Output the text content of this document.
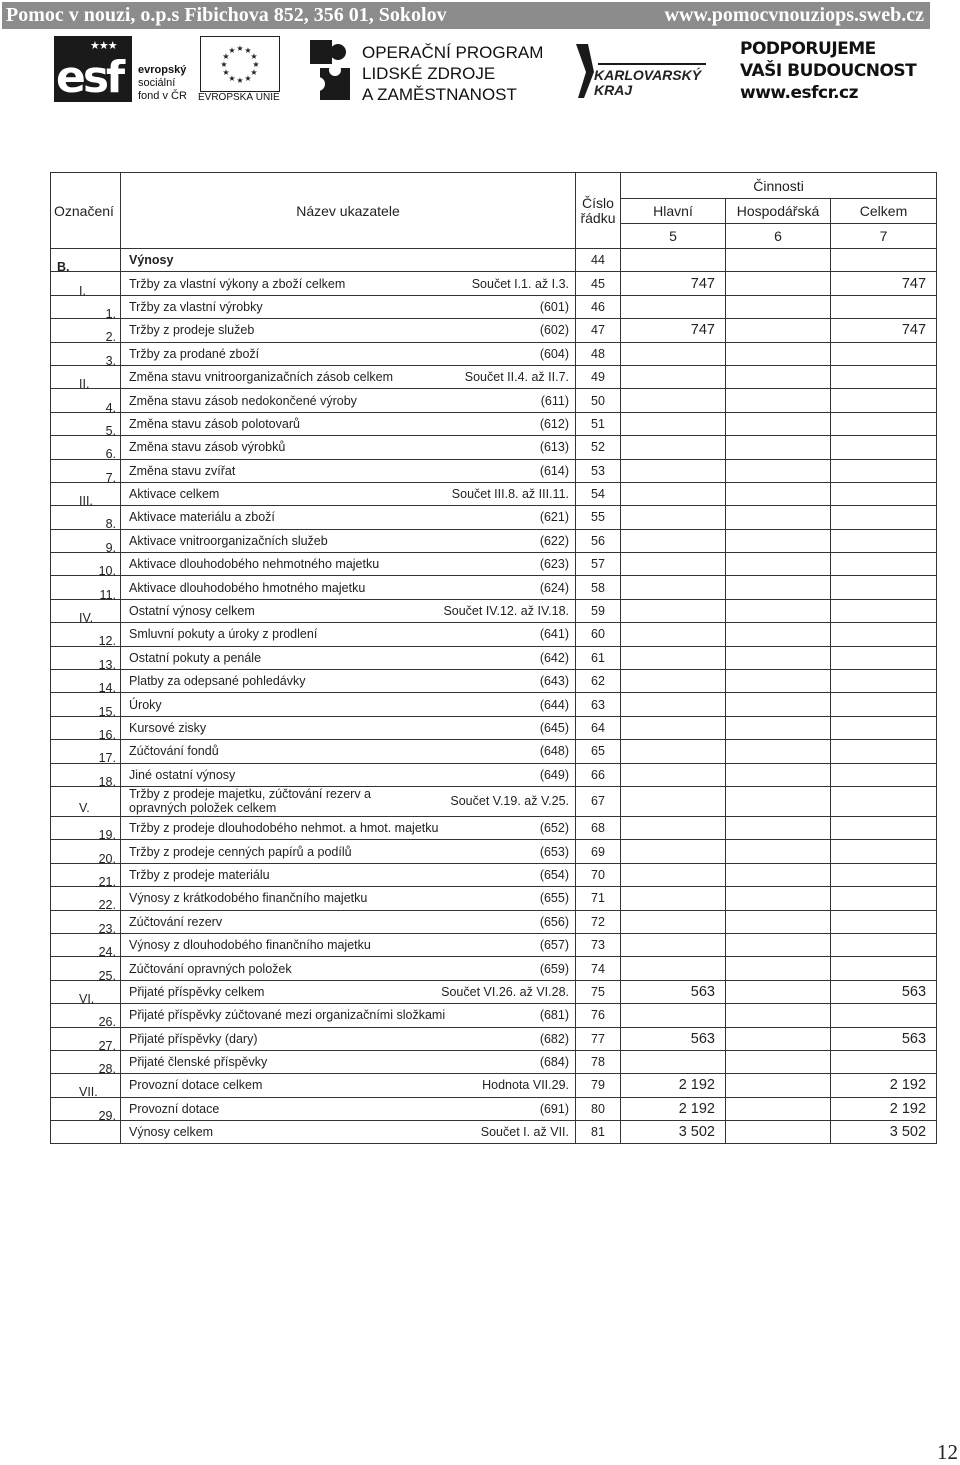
Pomoc v nouzi, o.p.s Fibichova 852, 356 01, Sokolov	www.pomocvnouziops.sweb.cz
★★★
esf evropský
sociální
fond v ČR
★ ★
★
★
★
★
★
★
★
★
★
★
EVROPSKÁ UNIE
OPERAČNÍ PROGRAM
LIDSKÉ ZDROJE
A ZAMĚSTNANOST
KARLOVARSKÝ
KRAJ
PODPORUJEME
VAŠI BUDOUCNOST
www.esfcr.cz
Označení	Název ukazatele	Číslo řádku	Činnosti		
			Hlavní	Hospodářská	Celkem
			5	6	7

B.	Výnosy	44			

I.	Tržby za vlastní výkony a zboží celkem Součet I.1. až I.3.	45	747		747

1.	Tržby za vlastní výrobky (601)	46			

2.	Tržby z prodeje služeb (602)	47	747		747

3.	Tržby za prodané zboží (604)	48			

II.	Změna stavu vnitroorganizačních zásob celkem Součet II.4. až II.7.	49			

4.	Změna stavu zásob nedokončené výroby (611)	50			

5.	Změna stavu zásob polotovarů (612)	51			

6.	Změna stavu zásob výrobků (613)	52			

7.	Změna stavu zvířat (614)	53			

III.	Aktivace celkem Součet III.8. až III.11.	54			

8.	Aktivace materiálu a zboží (621)	55			

9.	Aktivace vnitroorganizačních služeb (622)	56			

10.	Aktivace dlouhodobého nehmotného majetku (623)	57			

11.	Aktivace dlouhodobého hmotného majetku (624)	58			

IV.	Ostatní výnosy celkem Součet IV.12. až IV.18.	59			

12.	Smluvní pokuty a úroky z prodlení (641)	60			

13.	Ostatní pokuty a penále (642)	61			

14.	Platby za odepsané pohledávky (643)	62			

15.	Úroky (644)	63			

16.	Kursové zisky (645)	64			

17.	Zúčtování fondů (648)	65			

18.	Jiné ostatní výnosy (649)	66			

V.	Tržby z prodeje majetku, zúčtování rezerv a opravných položek celkem Součet V.19. až V.25.	67			

19.	Tržby z prodeje dlouhodobého nehmot. a hmot. majetku (652)	68			

20.	Tržby z prodeje cenných papírů a podílů (653)	69			

21.	Tržby z prodeje materiálu (654)	70			

22.	Výnosy z krátkodobého finančního majetku (655)	71			

23.	Zúčtování rezerv (656)	72			

24.	Výnosy z dlouhodobého finančního majetku (657)	73			

25.	Zúčtování opravných položek (659)	74			

VI.	Přijaté příspěvky celkem Součet VI.26. až VI.28.	75	563		563

26.	Přijaté příspěvky zúčtované mezi organizačními složkami (681)	76			

27.	Přijaté příspěvky (dary) (682)	77	563		563

28.	Přijaté členské příspěvky (684)	78			

VII.	Provozní dotace celkem Hodnota VII.29.	79	2 192		2 192

29.	Provozní dotace (691)	80	2 192		2 192

	Výnosy celkem Součet I. až VII.	81	3 502		3 502
12
